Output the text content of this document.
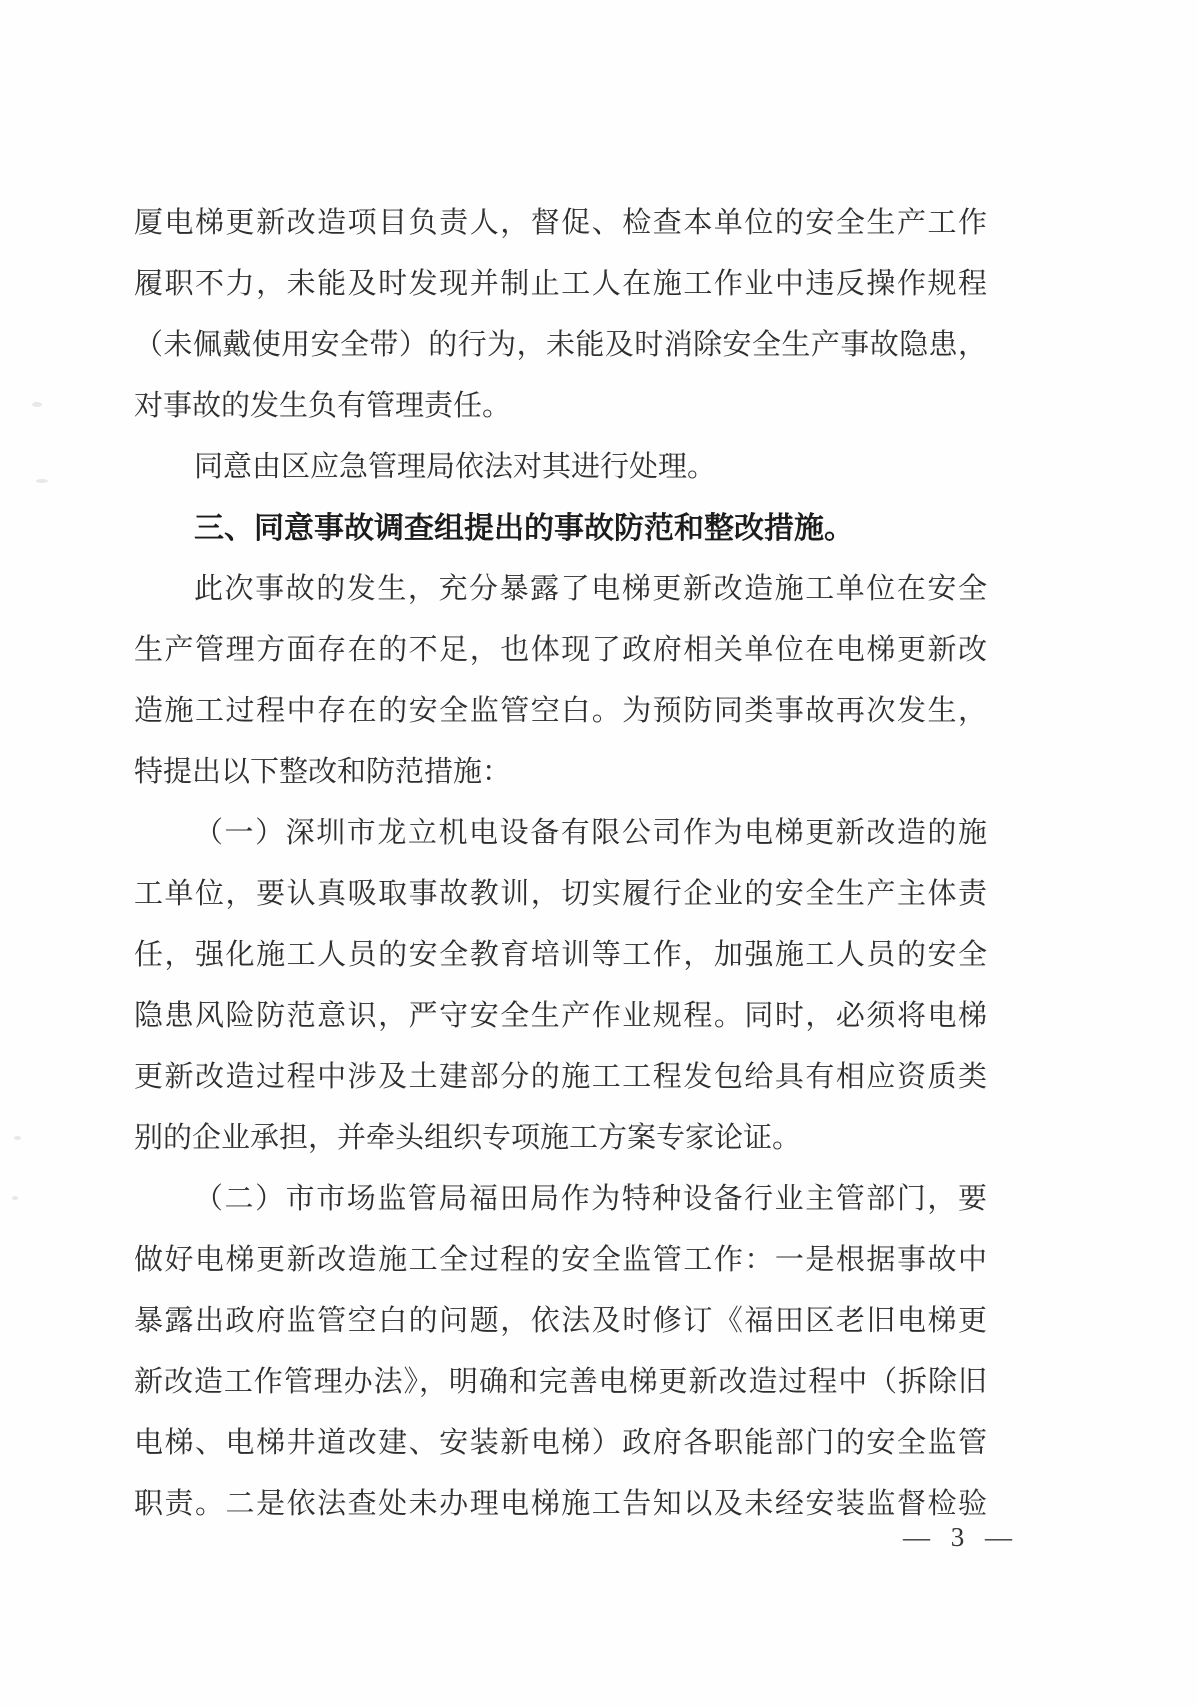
厦电梯更新改造项目负责人，督促、检查本单位的安全生产工作
履职不力，未能及时发现并制止工人在施工作业中违反操作规程
（未佩戴使用安全带）的行为，未能及时消除安全生产事故隐患，
对事故的发生负有管理责任。
同意由区应急管理局依法对其进行处理。
三、同意事故调查组提出的事故防范和整改措施。
此次事故的发生，充分暴露了电梯更新改造施工单位在安全
生产管理方面存在的不足，也体现了政府相关单位在电梯更新改
造施工过程中存在的安全监管空白。为预防同类事故再次发生，
特提出以下整改和防范措施：
（一）深圳市龙立机电设备有限公司作为电梯更新改造的施
工单位，要认真吸取事故教训，切实履行企业的安全生产主体责
任，强化施工人员的安全教育培训等工作，加强施工人员的安全
隐患风险防范意识，严守安全生产作业规程。同时，必须将电梯
更新改造过程中涉及土建部分的施工工程发包给具有相应资质类
别的企业承担，并牵头组织专项施工方案专家论证。
（二）市市场监管局福田局作为特种设备行业主管部门，要
做好电梯更新改造施工全过程的安全监管工作：一是根据事故中
暴露出政府监管空白的问题，依法及时修订《福田区老旧电梯更
新改造工作管理办法》，明确和完善电梯更新改造过程中（拆除旧
电梯、电梯井道改建、安装新电梯）政府各职能部门的安全监管
职责。二是依法查处未办理电梯施工告知以及未经安装监督检验
— 3 —
